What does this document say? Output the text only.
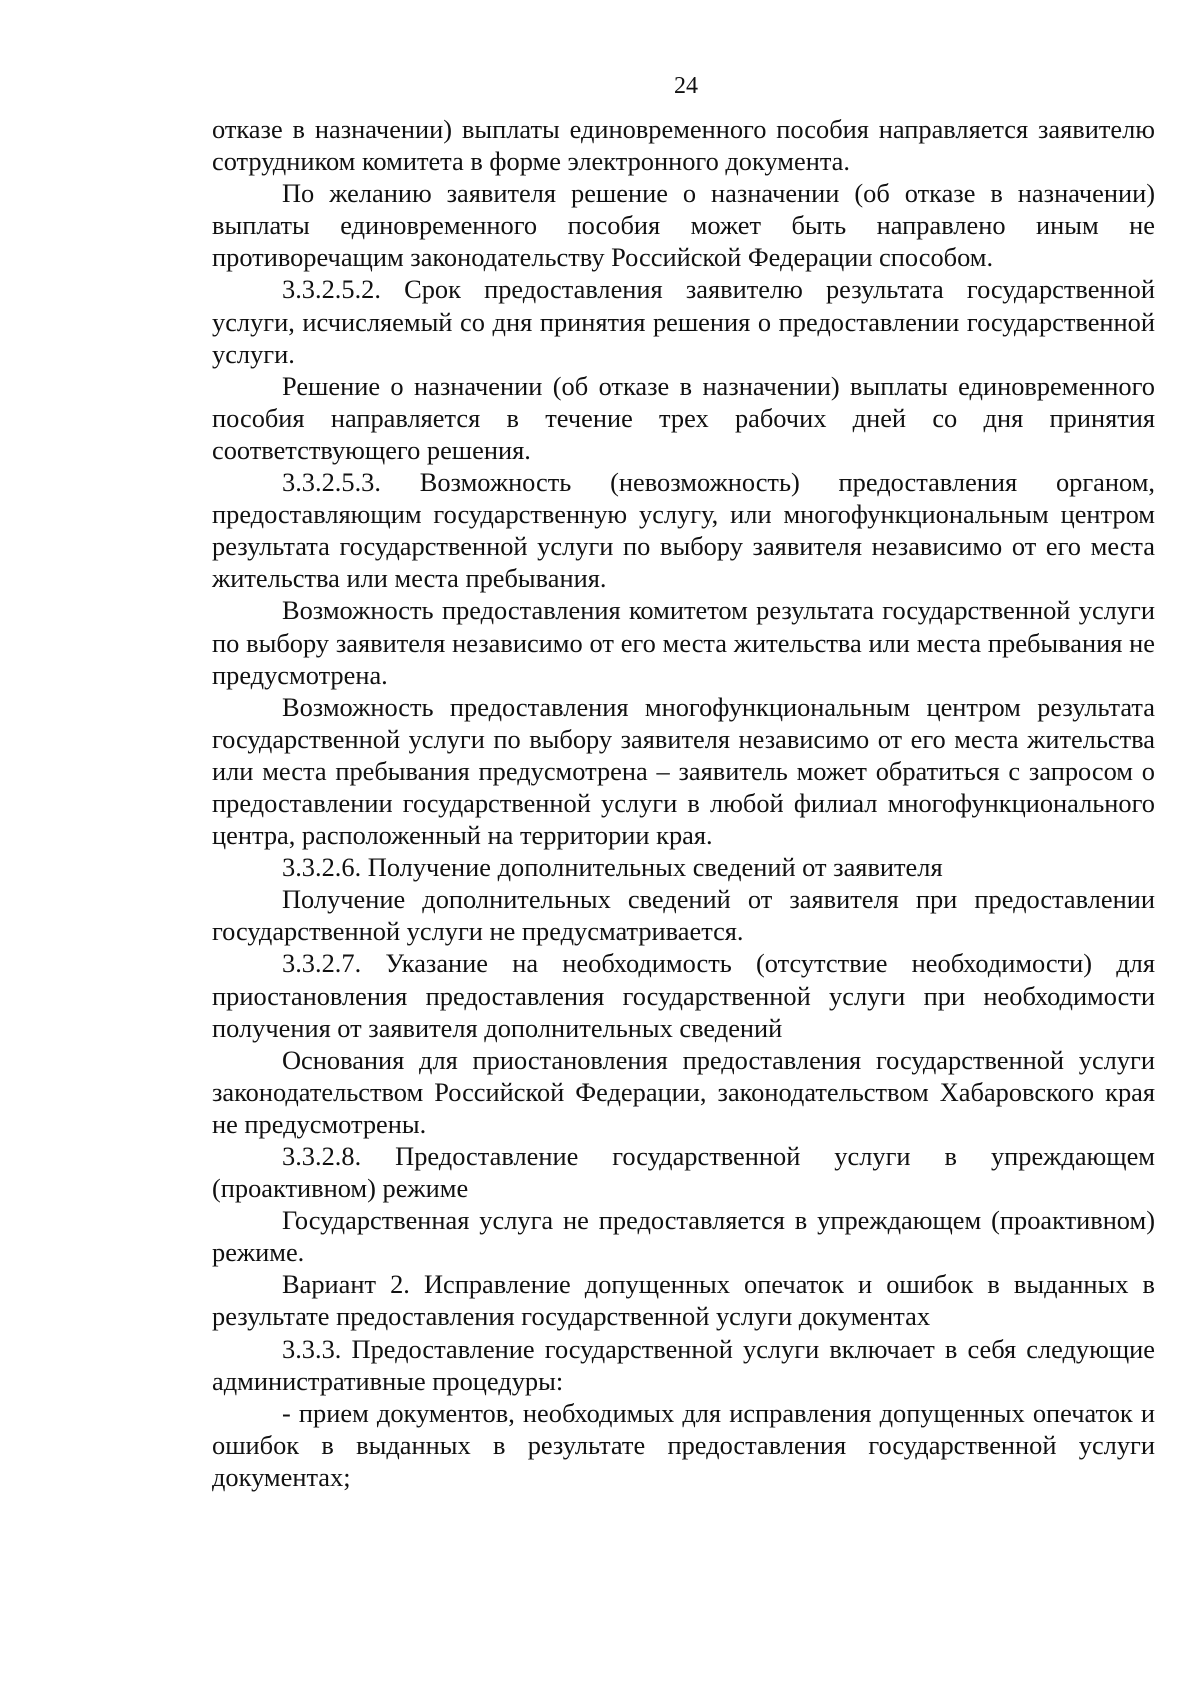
24

отказе в назначении) выплаты единовременного пособия направляется заявителю сотрудником комитета в форме электронного документа.

По желанию заявителя решение о назначении (об отказе в назначении) выплаты единовременного пособия может быть направлено иным не противоречащим законодательству Российской Федерации способом.

3.3.2.5.2. Срок предоставления заявителю результата государственной услуги, исчисляемый со дня принятия решения о предоставлении государственной услуги.

Решение о назначении (об отказе в назначении) выплаты единовременного пособия направляется в течение трех рабочих дней со дня принятия соответствующего решения.

3.3.2.5.3. Возможность (невозможность) предоставления органом, предоставляющим государственную услугу, или многофункциональным центром результата государственной услуги по выбору заявителя независимо от его места жительства или места пребывания.

Возможность предоставления комитетом результата государственной услуги по выбору заявителя независимо от его места жительства или места пребывания не предусмотрена.

Возможность предоставления многофункциональным центром результата государственной услуги по выбору заявителя независимо от его места жительства или места пребывания предусмотрена – заявитель может обратиться с запросом о предоставлении государственной услуги в любой филиал многофункционального центра, расположенный на территории края.

3.3.2.6. Получение дополнительных сведений от заявителя

Получение дополнительных сведений от заявителя при предоставлении государственной услуги не предусматривается.

3.3.2.7. Указание на необходимость (отсутствие необходимости) для приостановления предоставления государственной услуги при необходимости получения от заявителя дополнительных сведений

Основания для приостановления предоставления государственной услуги законодательством Российской Федерации, законодательством Хабаровского края не предусмотрены.

3.3.2.8. Предоставление государственной услуги в упреждающем (проактивном) режиме

Государственная услуга не предоставляется в упреждающем (проактивном) режиме.

Вариант 2. Исправление допущенных опечаток и ошибок в выданных в результате предоставления государственной услуги документах

3.3.3. Предоставление государственной услуги включает в себя следующие административные процедуры:

- прием документов, необходимых для исправления допущенных опечаток и ошибок в выданных в результате предоставления государственной услуги документах;
